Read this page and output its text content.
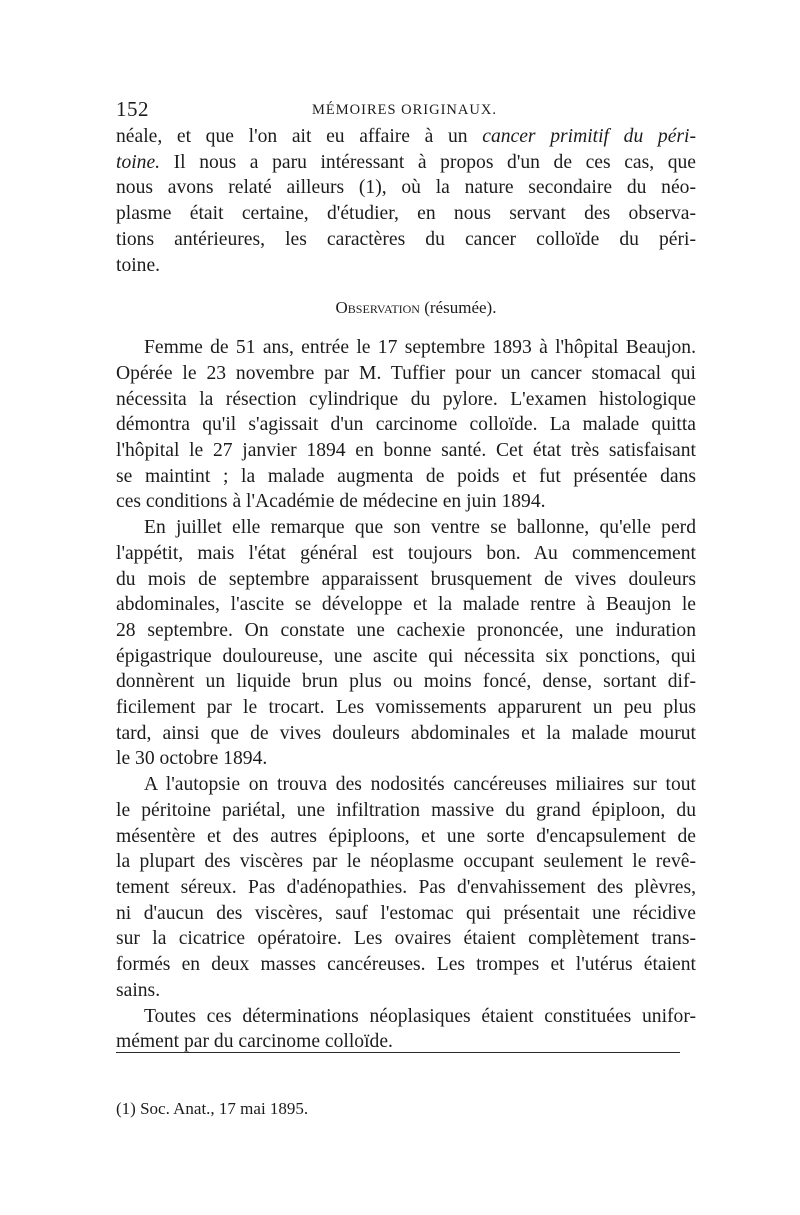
152	MÉMOIRES ORIGINAUX.
néale, et que l'on ait eu affaire à un cancer primitif du péri-
toine. Il nous a paru intéressant à propos d'un de ces cas, que
nous avons relaté ailleurs (1), où la nature secondaire du néo-
plasme était certaine, d'étudier, en nous servant des observa-
tions antérieures, les caractères du cancer colloïde du péri-
toine.
Observation (résumée).
Femme de 51 ans, entrée le 17 septembre 1893 à l'hôpital Beaujon.
Opérée le 23 novembre par M. Tuffier pour un cancer stomacal qui
nécessita la résection cylindrique du pylore. L'examen histologique
démontra qu'il s'agissait d'un carcinome colloïde. La malade quitta
l'hôpital le 27 janvier 1894 en bonne santé. Cet état très satisfaisant
se maintint ; la malade augmenta de poids et fut présentée dans
ces conditions à l'Académie de médecine en juin 1894.
En juillet elle remarque que son ventre se ballonne, qu'elle perd
l'appétit, mais l'état général est toujours bon. Au commencement
du mois de septembre apparaissent brusquement de vives douleurs
abdominales, l'ascite se développe et la malade rentre à Beaujon le
28 septembre. On constate une cachexie prononcée, une induration
épigastrique douloureuse, une ascite qui nécessita six ponctions, qui
donnèrent un liquide brun plus ou moins foncé, dense, sortant dif-
ficilement par le trocart. Les vomissements apparurent un peu plus
tard, ainsi que de vives douleurs abdominales et la malade mourut
le 30 octobre 1894.
A l'autopsie on trouva des nodosités cancéreuses miliaires sur tout
le péritoine pariétal, une infiltration massive du grand épiploon, du
mésentère et des autres épiploons, et une sorte d'encapsulement de
la plupart des viscères par le néoplasme occupant seulement le revê-
tement séreux. Pas d'adénopathies. Pas d'envahissement des plèvres,
ni d'aucun des viscères, sauf l'estomac qui présentait une récidive
sur la cicatrice opératoire. Les ovaires étaient complètement trans-
formés en deux masses cancéreuses. Les trompes et l'utérus étaient
sains.
Toutes ces déterminations néoplasiques étaient constituées unifor-
mément par du carcinome colloïde.
(1) Soc. Anat., 17 mai 1895.
